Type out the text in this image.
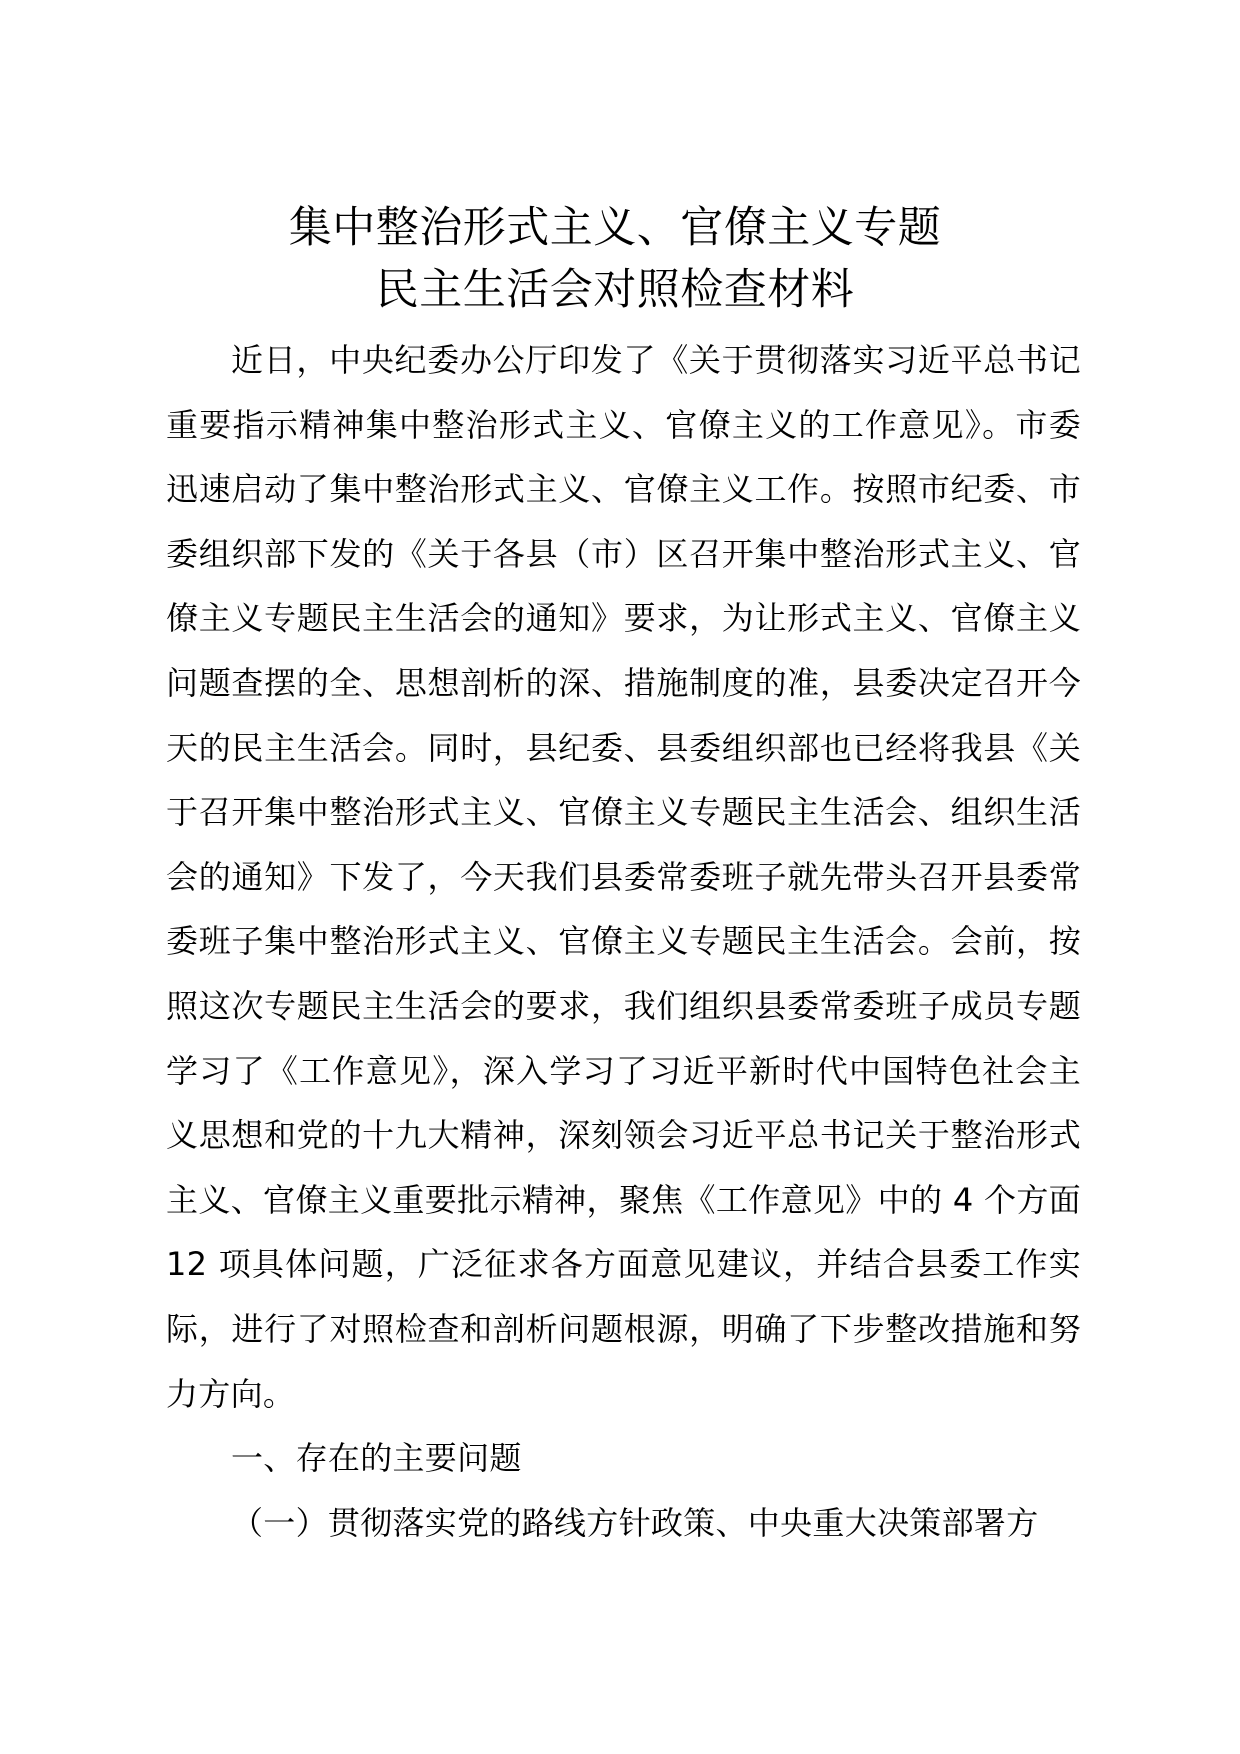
集中整治形式主义、官僚主义专题
民主生活会对照检查材料

近日，中央纪委办公厅印发了《关于贯彻落实习近平总书记重要指示精神集中整治形式主义、官僚主义的工作意见》。市委迅速启动了集中整治形式主义、官僚主义工作。按照市纪委、市委组织部下发的《关于各县（市）区召开集中整治形式主义、官僚主义专题民主生活会的通知》要求，为让形式主义、官僚主义问题查摆的全、思想剖析的深、措施制度的准，县委决定召开今天的民主生活会。同时，县纪委、县委组织部也已经将我县《关于召开集中整治形式主义、官僚主义专题民主生活会、组织生活会的通知》下发了，今天我们县委常委班子就先带头召开县委常委班子集中整治形式主义、官僚主义专题民主生活会。会前，按照这次专题民主生活会的要求，我们组织县委常委班子成员专题学习了《工作意见》，深入学习了习近平新时代中国特色社会主义思想和党的十九大精神，深刻领会习近平总书记关于整治形式主义、官僚主义重要批示精神，聚焦《工作意见》中的 4 个方面 12 项具体问题，广泛征求各方面意见建议，并结合县委工作实际，进行了对照检查和剖析问题根源，明确了下步整改措施和努力方向。

一、存在的主要问题

（一）贯彻落实党的路线方针政策、中央重大决策部署方
